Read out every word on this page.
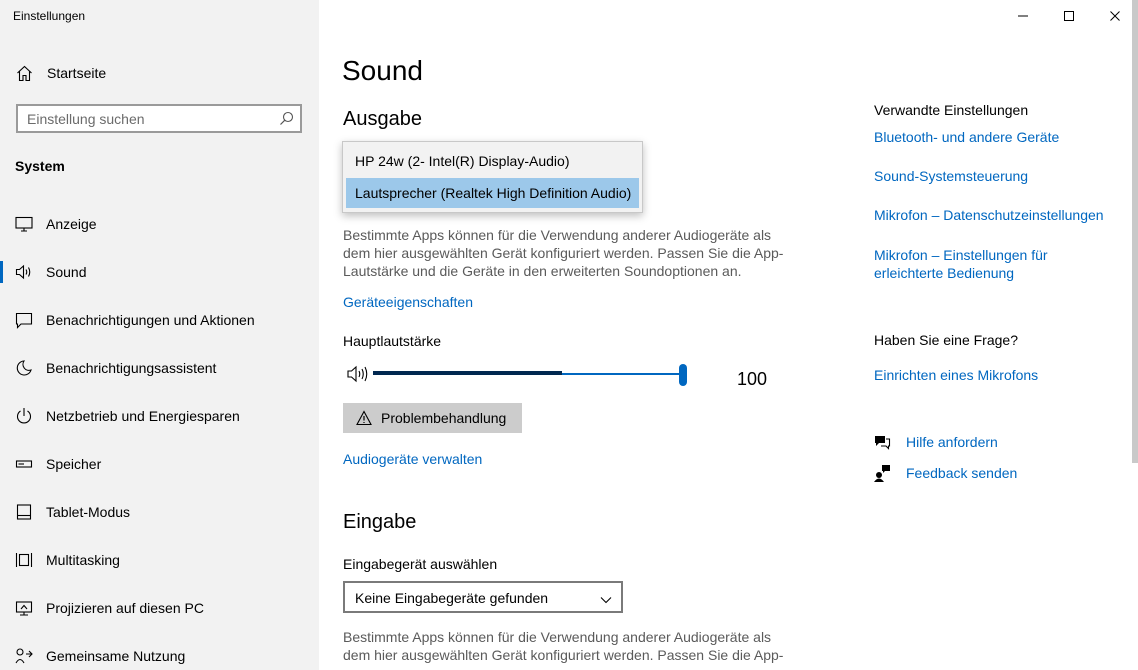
Einstellungen
Startseite
Einstellung suchen
System
Anzeige
Sound
Benachrichtigungen und Aktionen
Benachrichtigungsassistent
Netzbetrieb und Energiesparen
Speicher
Tablet-Modus
Multitasking
Projizieren auf diesen PC
Gemeinsame Nutzung
Sound
Ausgabe
HP 24w (2- Intel(R) Display-Audio)
Lautsprecher (Realtek High Definition Audio)
Bestimmte Apps können für die Verwendung anderer Audiogeräte als dem hier ausgewählten Gerät konfiguriert werden. Passen Sie die App-Lautstärke und die Geräte in den erweiterten Soundoptionen an.
Geräteeigenschaften
Hauptlautstärke
100
Problembehandlung
Audiogeräte verwalten
Eingabe
Eingabegerät auswählen
Keine Eingabegeräte gefunden
Bestimmte Apps können für die Verwendung anderer Audiogeräte als dem hier ausgewählten Gerät konfiguriert werden. Passen Sie die App-
Verwandte Einstellungen
Bluetooth- und andere Geräte
Sound-Systemsteuerung
Mikrofon – Datenschutzeinstellungen
Mikrofon – Einstellungen für erleichterte Bedienung
Haben Sie eine Frage?
Einrichten eines Mikrofons
Hilfe anfordern
Feedback senden
